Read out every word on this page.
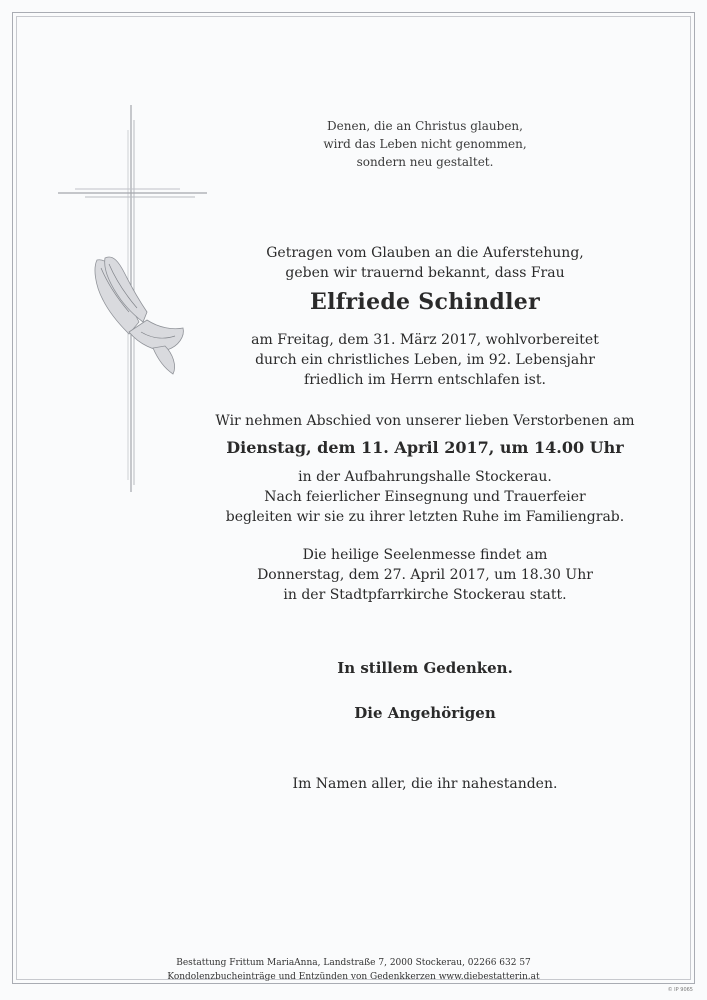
Denen, die an Christus glauben,

wird das Leben nicht genommen,

sondern neu gestaltet.

Getragen vom Glauben an die Auferstehung,

geben wir trauernd bekannt, dass Frau

Elfriede Schindler

am Freitag, dem 31. März 2017, wohlvorbereitet

durch ein christliches Leben, im 92. Lebensjahr

friedlich im Herrn entschlafen ist.

Wir nehmen Abschied von unserer lieben Verstorbenen am
Dienstag, dem 11. April 2017, um 14.00 Uhr

in der Aufbahrungshalle Stockerau.

Nach feierlicher Einsegnung und Trauerfeier

begleiten wir sie zu ihrer letzten Ruhe im Familiengrab.

Die heilige Seelenmesse findet am

Donnerstag, dem 27. April 2017, um 18.30 Uhr

in der Stadtpfarrkirche Stockerau statt.

In stillem Gedenken.
Die Angehörigen
Im Namen aller, die ihr nahestanden.
Bestattung Frittum MariaAnna, Landstraße 7, 2000 Stockerau, 02266 632 57
Kondolenzbucheinträge und Entzünden von Gedenkkerzen www.diebestatterin.at
© IP 9065
